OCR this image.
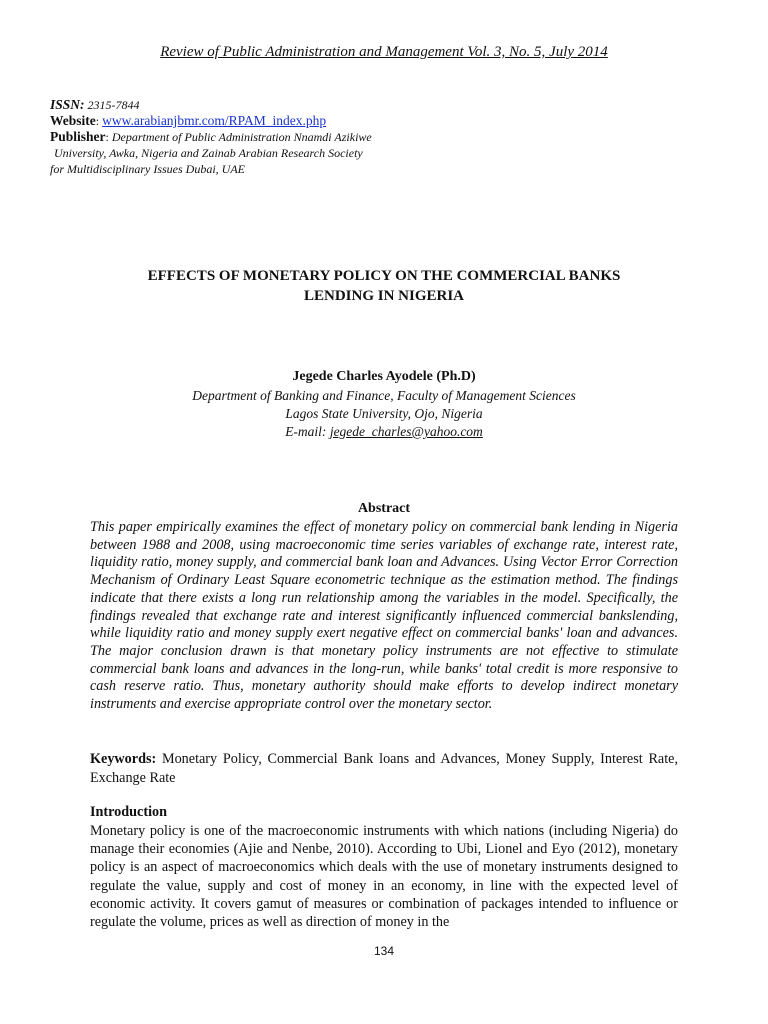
Review of Public Administration and Management Vol. 3, No. 5, July 2014
ISSN: 2315-7844
Website: www.arabianjbmr.com/RPAM_index.php
Publisher: Department of Public Administration Nnamdi Azikiwe
University, Awka, Nigeria and Zainab Arabian Research Society
for Multidisciplinary Issues Dubai, UAE
EFFECTS OF MONETARY POLICY ON THE COMMERCIAL BANKS
LENDING IN NIGERIA
Jegede Charles Ayodele (Ph.D)
Department of Banking and Finance, Faculty of Management Sciences
Lagos State University, Ojo, Nigeria
E-mail: jegede_charles@yahoo.com
Abstract

This paper empirically examines the effect of monetary policy on commercial bank lending in Nigeria between 1988 and 2008, using macroeconomic time series variables of exchange rate, interest rate, liquidity ratio, money supply, and commercial bank loan and Advances. Using Vector Error Correction Mechanism of Ordinary Least Square econometric technique as the estimation method. The findings indicate that there exists a long run relationship among the variables in the model. Specifically, the findings revealed that exchange rate and interest significantly influenced commercial bankslending, while liquidity ratio and money supply exert negative effect on commercial banks' loan and advances. The major conclusion drawn is that monetary policy instruments are not effective to stimulate commercial bank loans and advances in the long-run, while banks' total credit is more responsive to cash reserve ratio. Thus, monetary authority should make efforts to develop indirect monetary instruments and exercise appropriate control over the monetary sector.

Keywords: Monetary Policy, Commercial Bank loans and Advances, Money Supply, Interest Rate, Exchange Rate

Introduction

Monetary policy is one of the macroeconomic instruments with which nations (including Nigeria) do manage their economies (Ajie and Nenbe, 2010). According to Ubi, Lionel and Eyo (2012), monetary policy is an aspect of macroeconomics which deals with the use of monetary instruments designed to regulate the value, supply and cost of money in an economy, in line with the expected level of economic activity. It covers gamut of measures or combination of packages intended to influence or regulate the volume, prices as well as direction of money in the

134
